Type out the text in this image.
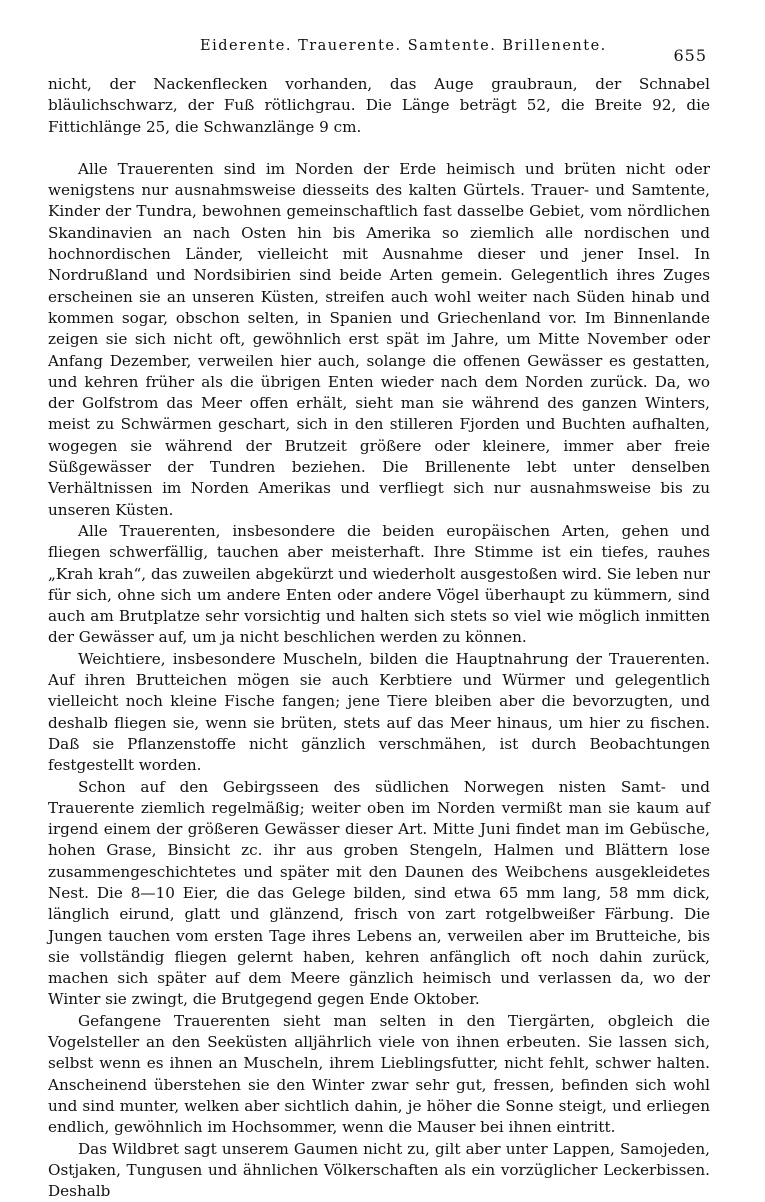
Eiderente. Trauerente. Samtente. Brillenente.	655

nicht, der Nackenflecken vorhanden, das Auge graubraun, der Schnabel bläulichschwarz, der Fuß rötlichgrau. Die Länge beträgt 52, die Breite 92, die Fittichlänge 25, die Schwanzlänge 9 cm.

Alle Trauerenten sind im Norden der Erde heimisch und brüten nicht oder wenigstens nur ausnahmsweise diesseits des kalten Gürtels. Trauer- und Samtente, Kinder der Tundra, bewohnen gemeinschaftlich fast dasselbe Gebiet, vom nördlichen Skandinavien an nach Osten hin bis Amerika so ziemlich alle nordischen und hochnordischen Länder, vielleicht mit Ausnahme dieser und jener Insel. In Nordrußland und Nordsibirien sind beide Arten gemein. Gelegentlich ihres Zuges erscheinen sie an unseren Küsten, streifen auch wohl weiter nach Süden hinab und kommen sogar, obschon selten, in Spanien und Griechenland vor. Im Binnenlande zeigen sie sich nicht oft, gewöhnlich erst spät im Jahre, um Mitte November oder Anfang Dezember, verweilen hier auch, solange die offenen Gewässer es gestatten, und kehren früher als die übrigen Enten wieder nach dem Norden zurück. Da, wo der Golfstrom das Meer offen erhält, sieht man sie während des ganzen Winters, meist zu Schwärmen geschart, sich in den stilleren Fjorden und Buchten aufhalten, wogegen sie während der Brutzeit größere oder kleinere, immer aber freie Süßgewässer der Tundren beziehen. Die Brillenente lebt unter denselben Verhältnissen im Norden Amerikas und verfliegt sich nur ausnahmsweise bis zu unseren Küsten.

Alle Trauerenten, insbesondere die beiden europäischen Arten, gehen und fliegen schwerfällig, tauchen aber meisterhaft. Ihre Stimme ist ein tiefes, rauhes „Krah krah“, das zuweilen abgekürzt und wiederholt ausgestoßen wird. Sie leben nur für sich, ohne sich um andere Enten oder andere Vögel überhaupt zu kümmern, sind auch am Brutplatze sehr vorsichtig und halten sich stets so viel wie möglich inmitten der Gewässer auf, um ja nicht beschlichen werden zu können.

Weichtiere, insbesondere Muscheln, bilden die Hauptnahrung der Trauerenten. Auf ihren Brutteichen mögen sie auch Kerbtiere und Würmer und gelegentlich vielleicht noch kleine Fische fangen; jene Tiere bleiben aber die bevorzugten, und deshalb fliegen sie, wenn sie brüten, stets auf das Meer hinaus, um hier zu fischen. Daß sie Pflanzenstoffe nicht gänzlich verschmähen, ist durch Beobachtungen festgestellt worden.

Schon auf den Gebirgsseen des südlichen Norwegen nisten Samt- und Trauerente ziemlich regelmäßig; weiter oben im Norden vermißt man sie kaum auf irgend einem der größeren Gewässer dieser Art. Mitte Juni findet man im Gebüsche, hohen Grase, Binsicht zc. ihr aus groben Stengeln, Halmen und Blättern lose zusammengeschichtetes und später mit den Daunen des Weibchens ausgekleidetes Nest. Die 8—10 Eier, die das Gelege bilden, sind etwa 65 mm lang, 58 mm dick, länglich eirund, glatt und glänzend, frisch von zart rotgelbweißer Färbung. Die Jungen tauchen vom ersten Tage ihres Lebens an, verweilen aber im Brutteiche, bis sie vollständig fliegen gelernt haben, kehren anfänglich oft noch dahin zurück, machen sich später auf dem Meere gänzlich heimisch und verlassen da, wo der Winter sie zwingt, die Brutgegend gegen Ende Oktober.

Gefangene Trauerenten sieht man selten in den Tiergärten, obgleich die Vogelsteller an den Seeküsten alljährlich viele von ihnen erbeuten. Sie lassen sich, selbst wenn es ihnen an Muscheln, ihrem Lieblingsfutter, nicht fehlt, schwer halten. Anscheinend überstehen sie den Winter zwar sehr gut, fressen, befinden sich wohl und sind munter, welken aber sichtlich dahin, je höher die Sonne steigt, und erliegen endlich, gewöhnlich im Hochsommer, wenn die Mauser bei ihnen eintritt.

Das Wildbret sagt unserem Gaumen nicht zu, gilt aber unter Lappen, Samojeden, Ostjaken, Tungusen und ähnlichen Völkerschaften als ein vorzüglicher Leckerbissen. Deshalb
